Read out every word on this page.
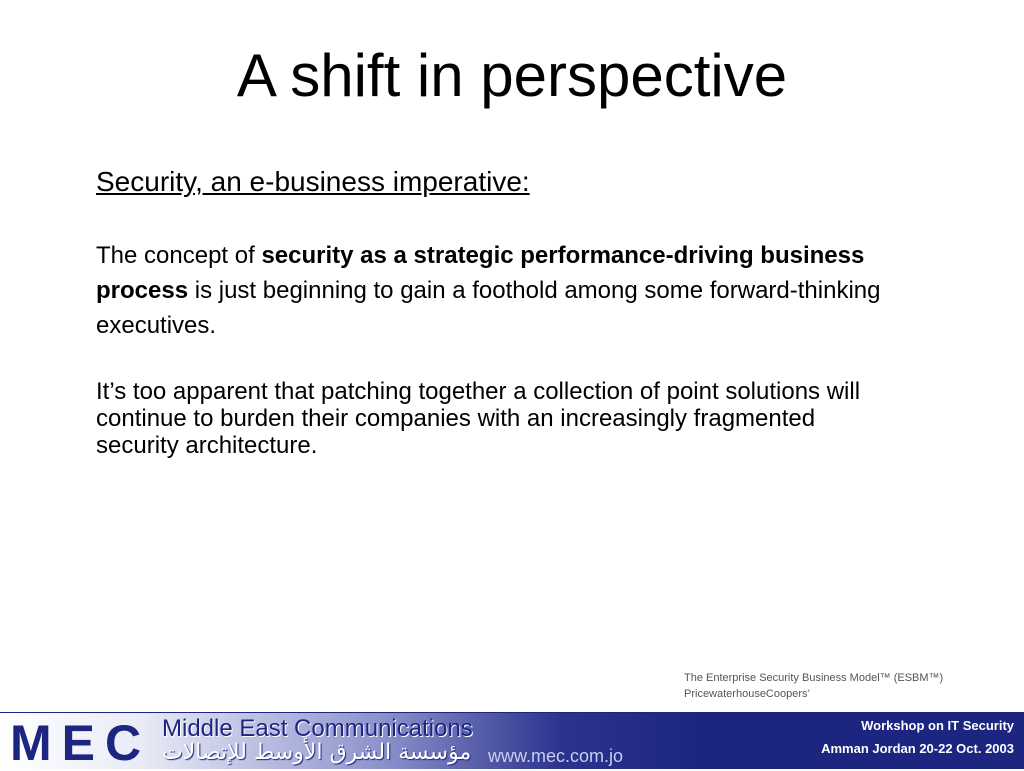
A shift in perspective
Security, an e-business imperative:

The concept of security as a strategic performance-driving business process is just beginning to gain a foothold among some forward-thinking executives.

It’s too apparent that patching together a collection of point solutions will continue to burden their companies with an increasingly fragmented security architecture.

The Enterprise Security Business Model™ (ESBM™)
PricewaterhouseCoopers’
MEC Middle East Communications
مؤسسة الشرق الأوسط للإتصالات www.mec.com.jo
Workshop on IT Security
Amman Jordan 20-22 Oct. 2003
